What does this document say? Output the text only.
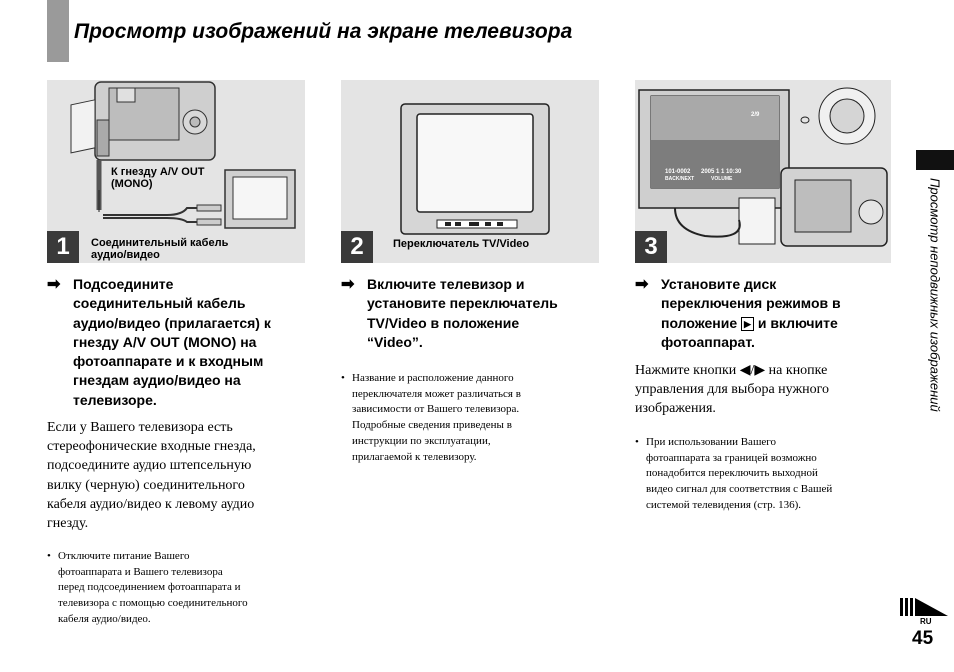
Просмотр изображений на экране телевизора
К гнезду A/V OUT
(MONO)
Соединительный кабель
аудио/видео
1	Переключатель TV/Video
2
2/9
101-0002 2005 1 1 10:30
BACK/NEXT	VOLUME
3
➡ Подсоедините
соединительный кабель
аудио/видео (прилагается) к
гнезду A/V OUT (MONO) на
фотоаппарате и к входным
гнездам аудио/видео на
телевизоре.
Если у Вашего телевизора есть
стереофонические входные гнезда,
подсоедините аудио штепсельную
вилку (черную) соединительного
кабеля аудио/видео к левому аудио
гнезду.
• Отключите питание Вашего
фотоаппарата и Вашего телевизора
перед подсоединением фотоаппарата и
телевизора с помощью соединительного
кабеля аудио/видео.
➡ Включите телевизор и
установите переключатель
TV/Video в положение
“Video”.
• Название и расположение данного
переключателя может различаться в
зависимости от Вашего телевизора.
Подробные сведения приведены в
инструкции по эксплуатации,
прилагаемой к телевизору.
➡ Установите диск
переключения режимов в
положение ▶ и включите
фотоаппарат.
Нажмите кнопки ◀/▶ на кнопке
управления для выбора нужного
изображения.
• При использовании Вашего
фотоаппарата за границей возможно
понадобится переключить выходной
видео сигнал для соответствия с Вашей
системой телевидения (стр. 136).
Просмотр неподвижных изображений
RU
45
